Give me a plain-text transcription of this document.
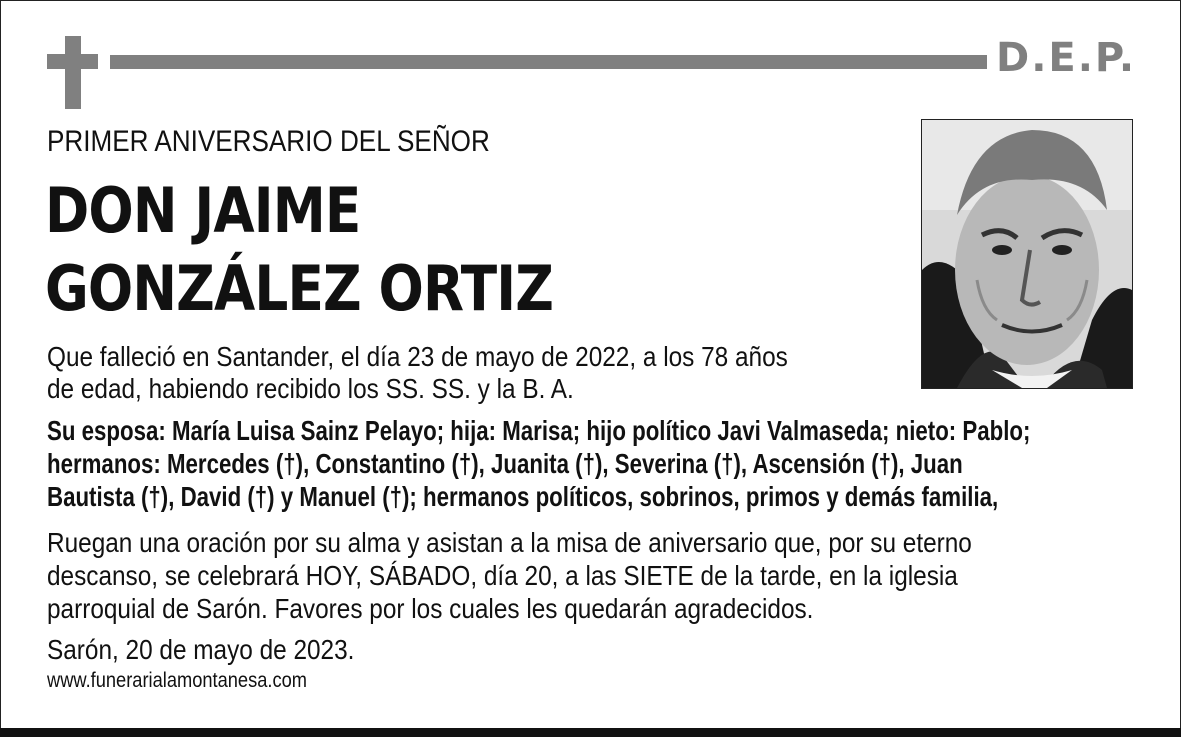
D.E.P.
PRIMER ANIVERSARIO DEL SEÑOR
DON JAIME
GONZÁLEZ ORTIZ
Que falleció en Santander, el día 23 de mayo de 2022, a los 78 años
de edad, habiendo recibido los SS. SS. y la B. A.
Su esposa: María Luisa Sainz Pelayo; hija: Marisa; hijo político Javi Valmaseda; nieto: Pablo;
hermanos: Mercedes (†), Constantino (†), Juanita (†), Severina (†), Ascensión (†), Juan
Bautista (†), David (†) y Manuel (†); hermanos políticos, sobrinos, primos y demás familia,
Ruegan una oración por su alma y asistan a la misa de aniversario que, por su eterno
descanso, se celebrará HOY, SÁBADO, día 20, a las SIETE de la tarde, en la iglesia
parroquial de Sarón. Favores por los cuales les quedarán agradecidos.
Sarón, 20 de mayo de 2023.
www.funerarialamontanesa.com
